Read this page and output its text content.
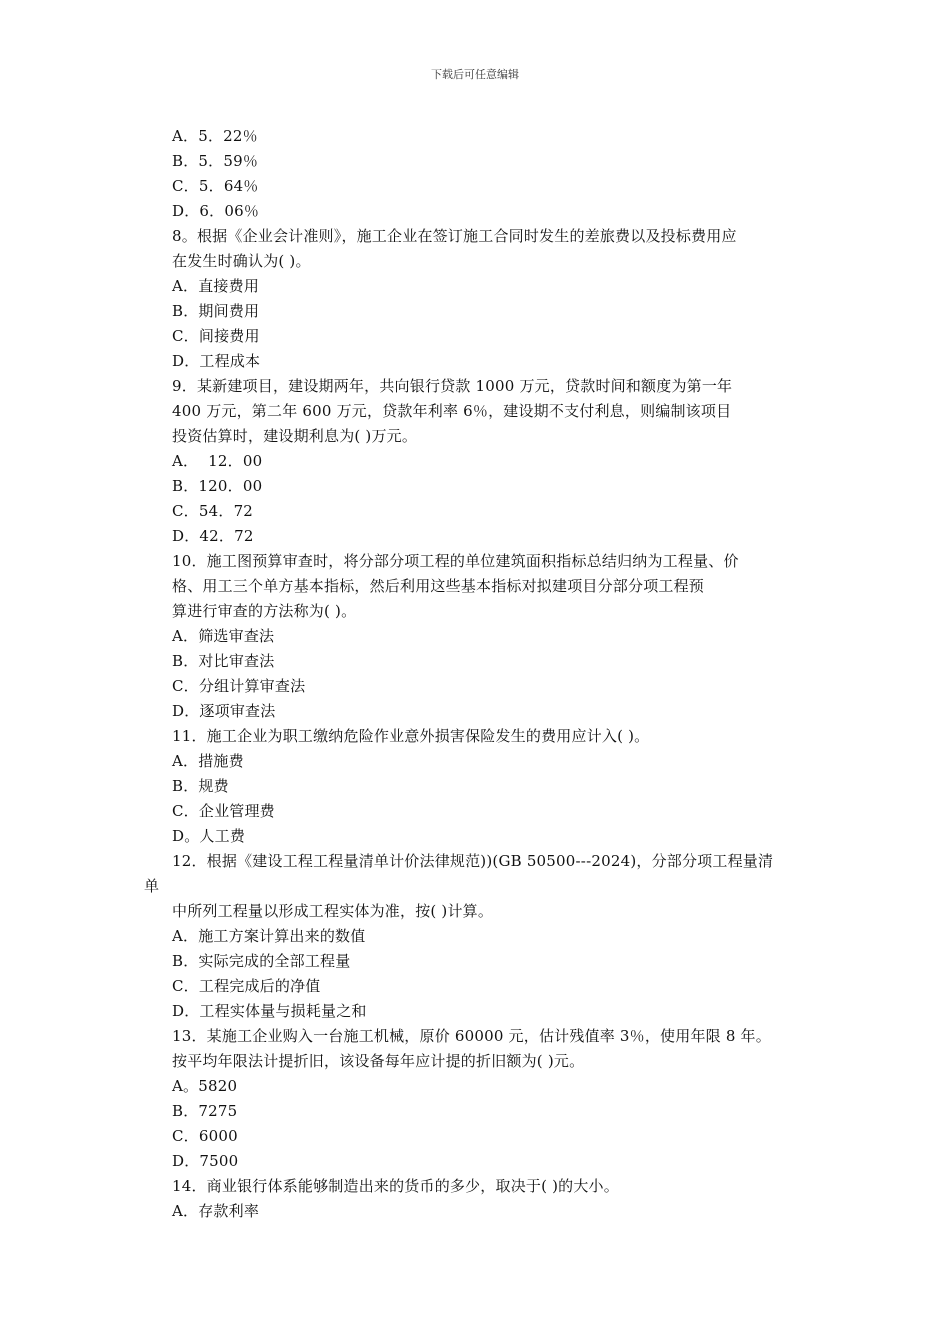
下载后可任意编辑
A．5．22％
B．5．59％
C．5．64％
D．6．06％
8。根据《企业会计准则》，施工企业在签订施工合同时发生的差旅费以及投标费用应
在发生时确认为( )。
A．直接费用
B．期间费用
C．间接费用
D．工程成本
9．某新建项目，建设期两年，共向银行贷款 1000 万元，贷款时间和额度为第一年
400 万元，第二年 600 万元，贷款年利率 6％，建设期不支付利息，则编制该项目
投资估算时，建设期利息为( )万元。
A．  12．00
B．120．00
C．54．72
D．42．72
10．施工图预算审查时，将分部分项工程的单位建筑面积指标总结归纳为工程量、价
格、用工三个单方基本指标，然后利用这些基本指标对拟建项目分部分项工程预
算进行审查的方法称为( )。
A．筛选审查法
B．对比审查法
C．分组计算审查法
D．逐项审查法
11．施工企业为职工缴纳危险作业意外损害保险发生的费用应计入( )。
A．措施费
B．规费
C．企业管理费
D。人工费
12．根据《建设工程工程量清单计价法律规范))(GB 50500---2024)，分部分项工程量清
单
中所列工程量以形成工程实体为准，按( )计算。
A．施工方案计算出来的数值
B．实际完成的全部工程量
C．工程完成后的净值
D．工程实体量与损耗量之和
13．某施工企业购入一台施工机械，原价 60000 元，估计残值率 3％，使用年限 8 年。
按平均年限法计提折旧，该设备每年应计提的折旧额为( )元。
A。5820
B．7275
C．6000
D．7500
14．商业银行体系能够制造出来的货币的多少，取决于( )的大小。
A．存款利率
